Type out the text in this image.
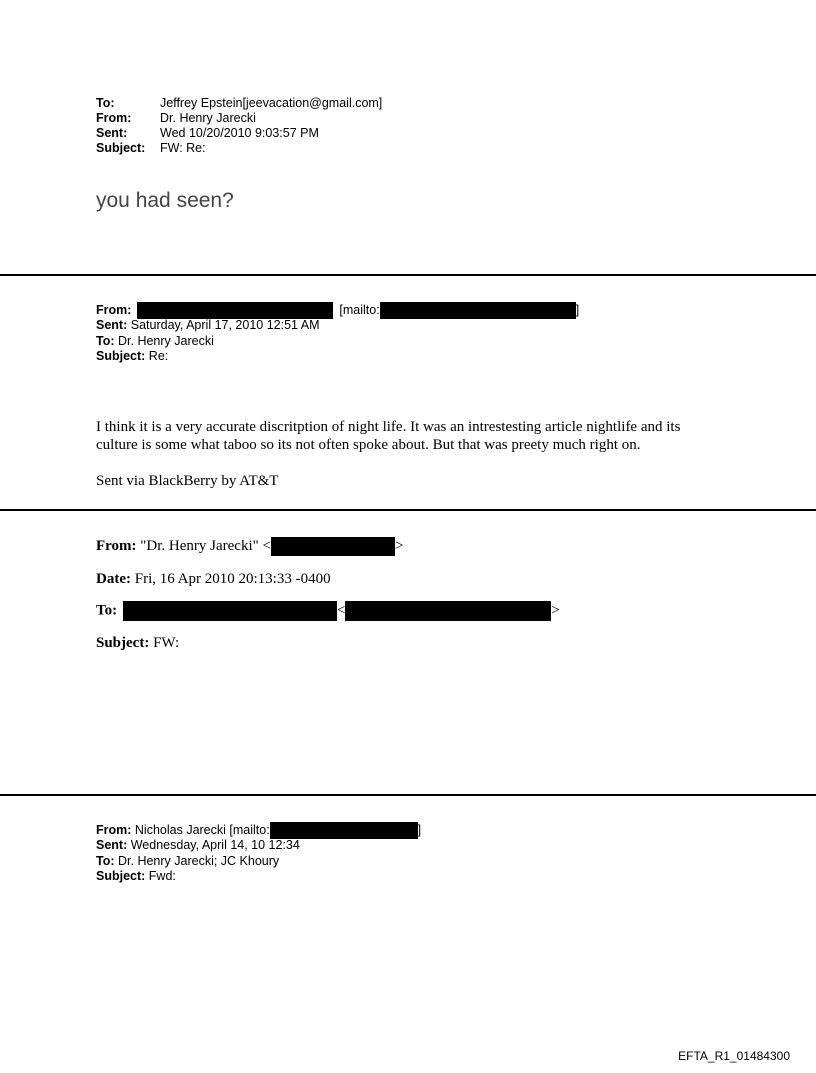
To:	Jeffrey Epstein[jeevacation@gmail.com]
From: Dr. Henry Jarecki
Sent:	Wed 10/20/2010 9:03:57 PM
Subject: FW: Re:
you had seen?
From:	[mailto:	]
Sent: Saturday, April 17, 2010 12:51 AM
To: Dr. Henry Jarecki
Subject: Re:
I think it is a very accurate discritption of night life. It was an intrestesting article nightlife and its
culture is some what taboo so its not often spoke about. But that was preety much right on.
Sent via BlackBerry by AT&T
From: "Dr. Henry Jarecki" <	>
Date: Fri, 16 Apr 2010 20:13:33 -0400
To:	<	>
Subject: FW:
From: Nicholas Jarecki [mailto:	]
Sent: Wednesday, April 14, 10 12:34
To: Dr. Henry Jarecki; JC Khoury
Subject: Fwd:
EFTA_R1_01484300
